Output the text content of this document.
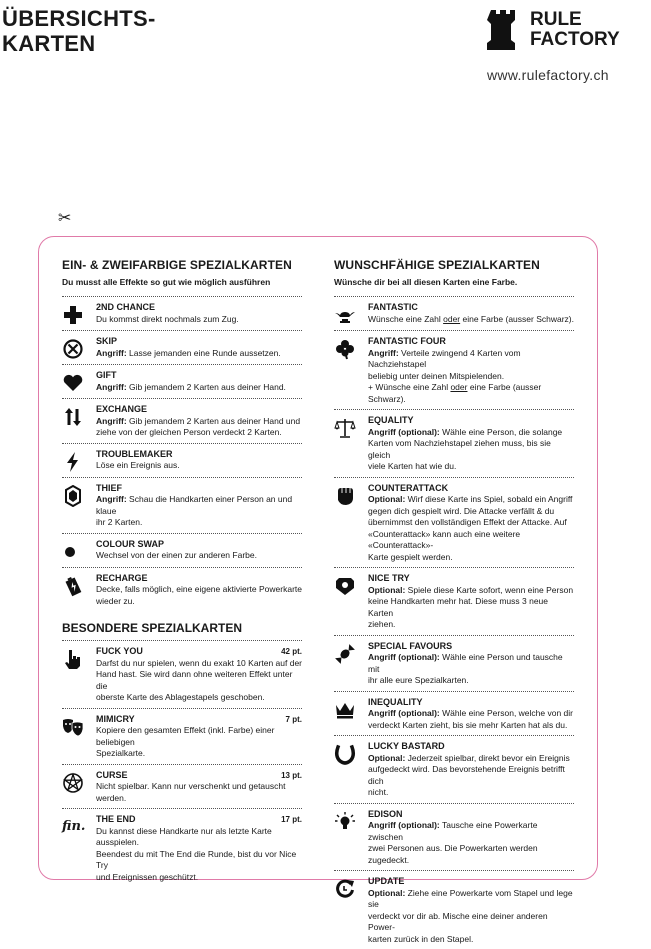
ÜBERSICHTS-
KARTEN
RULE
FACTORY
www.rulefactory.ch
✂
EIN- & ZWEIFARBIGE SPEZIALKARTEN
Du musst alle Effekte so gut wie möglich ausführen
2ND CHANCE
Du kommst direkt nochmals zum Zug.
SKIP
Angriff: Lasse jemanden eine Runde aussetzen.
GIFT
Angriff: Gib jemandem 2 Karten aus deiner Hand.
EXCHANGE
Angriff: Gib jemandem 2 Karten aus deiner Hand und
ziehe von der gleichen Person verdeckt 2 Karten.
TROUBLEMAKER
Löse ein Ereignis aus.
THIEF
Angriff: Schau die Handkarten einer Person an und klaue
ihr 2 Karten.
COLOUR SWAP
Wechsel von der einen zur anderen Farbe.
RECHARGE
Decke, falls möglich, eine eigene aktivierte Powerkarte
wieder zu.
BESONDERE SPEZIALKARTEN
FUCK YOU	42 pt.
Darfst du nur spielen, wenn du exakt 10 Karten auf der
Hand hast. Sie wird dann ohne weiteren Effekt unter die
oberste Karte des Ablagestapels geschoben.
MIMICRY	7 pt.
Kopiere den gesamten Effekt (inkl. Farbe) einer beliebigen
Spezialkarte.
CURSE	13 pt.
Nicht spielbar. Kann nur verschenkt und getauscht werden.
fin. THE END	17 pt.
Du kannst diese Handkarte nur als letzte Karte ausspielen.
Beendest du mit The End die Runde, bist du vor Nice Try
und Ereignissen geschützt.
WUNSCHFÄHIGE SPEZIALKARTEN
Wünsche dir bei all diesen Karten eine Farbe.
FANTASTIC
Wünsche eine Zahl oder eine Farbe (ausser Schwarz).
FANTASTIC FOUR
Angriff: Verteile zwingend 4 Karten vom Nachziehstapel
beliebig unter deinen Mitspielenden.
+ Wünsche eine Zahl oder eine Farbe (ausser Schwarz).
EQUALITY
Angriff (optional): Wähle eine Person, die solange
Karten vom Nachziehstapel ziehen muss, bis sie gleich
viele Karten hat wie du.
COUNTERATTACK
Optional: Wirf diese Karte ins Spiel, sobald ein Angriff
gegen dich gespielt wird. Die Attacke verfällt & du
übernimmst den vollständigen Effekt der Attacke. Auf
«Counterattack» kann auch eine weitere «Counterattack»-
Karte gespielt werden.
NICE TRY
Optional: Spiele diese Karte sofort, wenn eine Person
keine Handkarten mehr hat. Diese muss 3 neue Karten
ziehen.
SPECIAL FAVOURS
Angriff (optional): Wähle eine Person und tausche mit
ihr alle eure Spezialkarten.
INEQUALITY
Angriff (optional): Wähle eine Person, welche von dir
verdeckt Karten zieht, bis sie mehr Karten hat als du.
LUCKY BASTARD
Optional: Jederzeit spielbar, direkt bevor ein Ereignis
aufgedeckt wird. Das bevorstehende Ereignis betrifft dich
nicht.
EDISON
Angriff (optional): Tausche eine Powerkarte zwischen
zwei Personen aus. Die Powerkarten werden zugedeckt.
UPDATE
Optional: Ziehe eine Powerkarte vom Stapel und lege sie
verdeckt vor dir ab. Mische eine deiner anderen Power-
karten zurück in den Stapel.
